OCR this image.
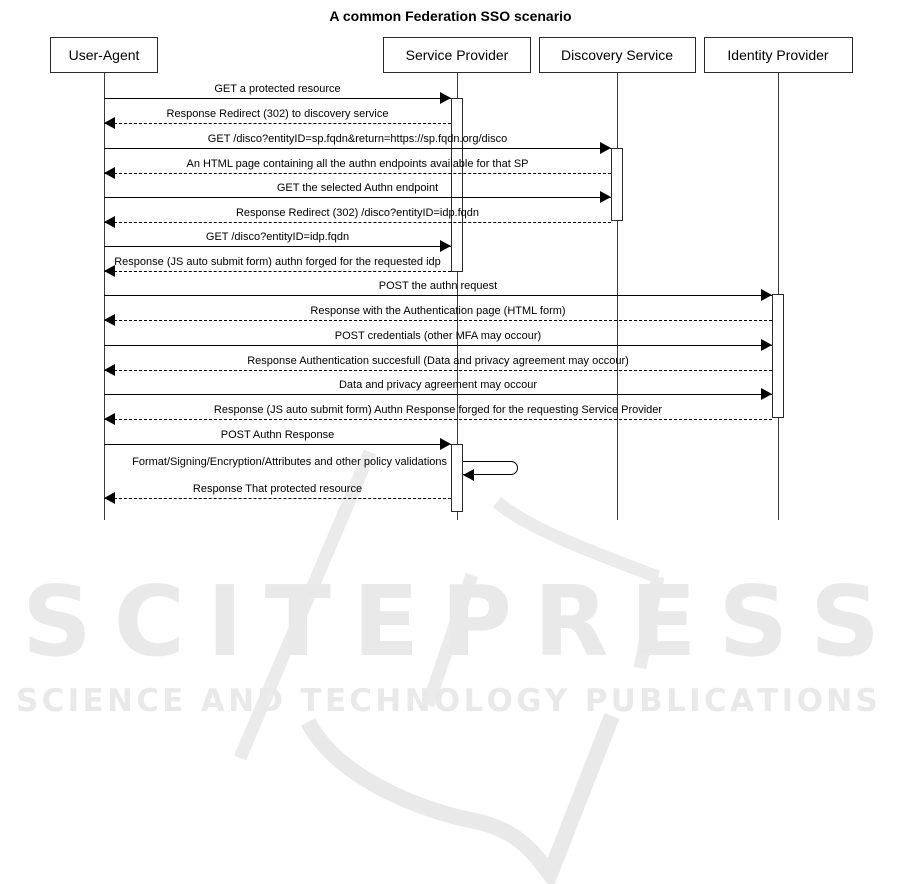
S C I T E P R E S S
S C I E N C E
A N D
T E C H N O L O G Y
P U B L I C A T I O N S
A common Federation SSO scenario
User-Agent	Service Provider	Discovery Service	Identity Provider
GET a protected resource
Response Redirect (302) to discovery service
GET /disco?entityID=sp.fqdn&return=https://sp.fqdn.org/disco
An HTML page containing all the authn endpoints available for that SP
GET the selected Authn endpoint
Response Redirect (302) /disco?entityID=idp.fqdn
GET /disco?entityID=idp.fqdn
Response (JS auto submit form) authn forged for the requested idp
POST the authn request
Response with the Authentication page (HTML form)
POST credentials (other MFA may occour)
Response Authentication succesfull (Data and privacy agreement may occour)
Data and privacy agreement may occour
Response (JS auto submit form) Authn Response forged for the requesting Service Provider
POST Authn Response
Format/Signing/Encryption/Attributes and other policy validations
Response That protected resource
